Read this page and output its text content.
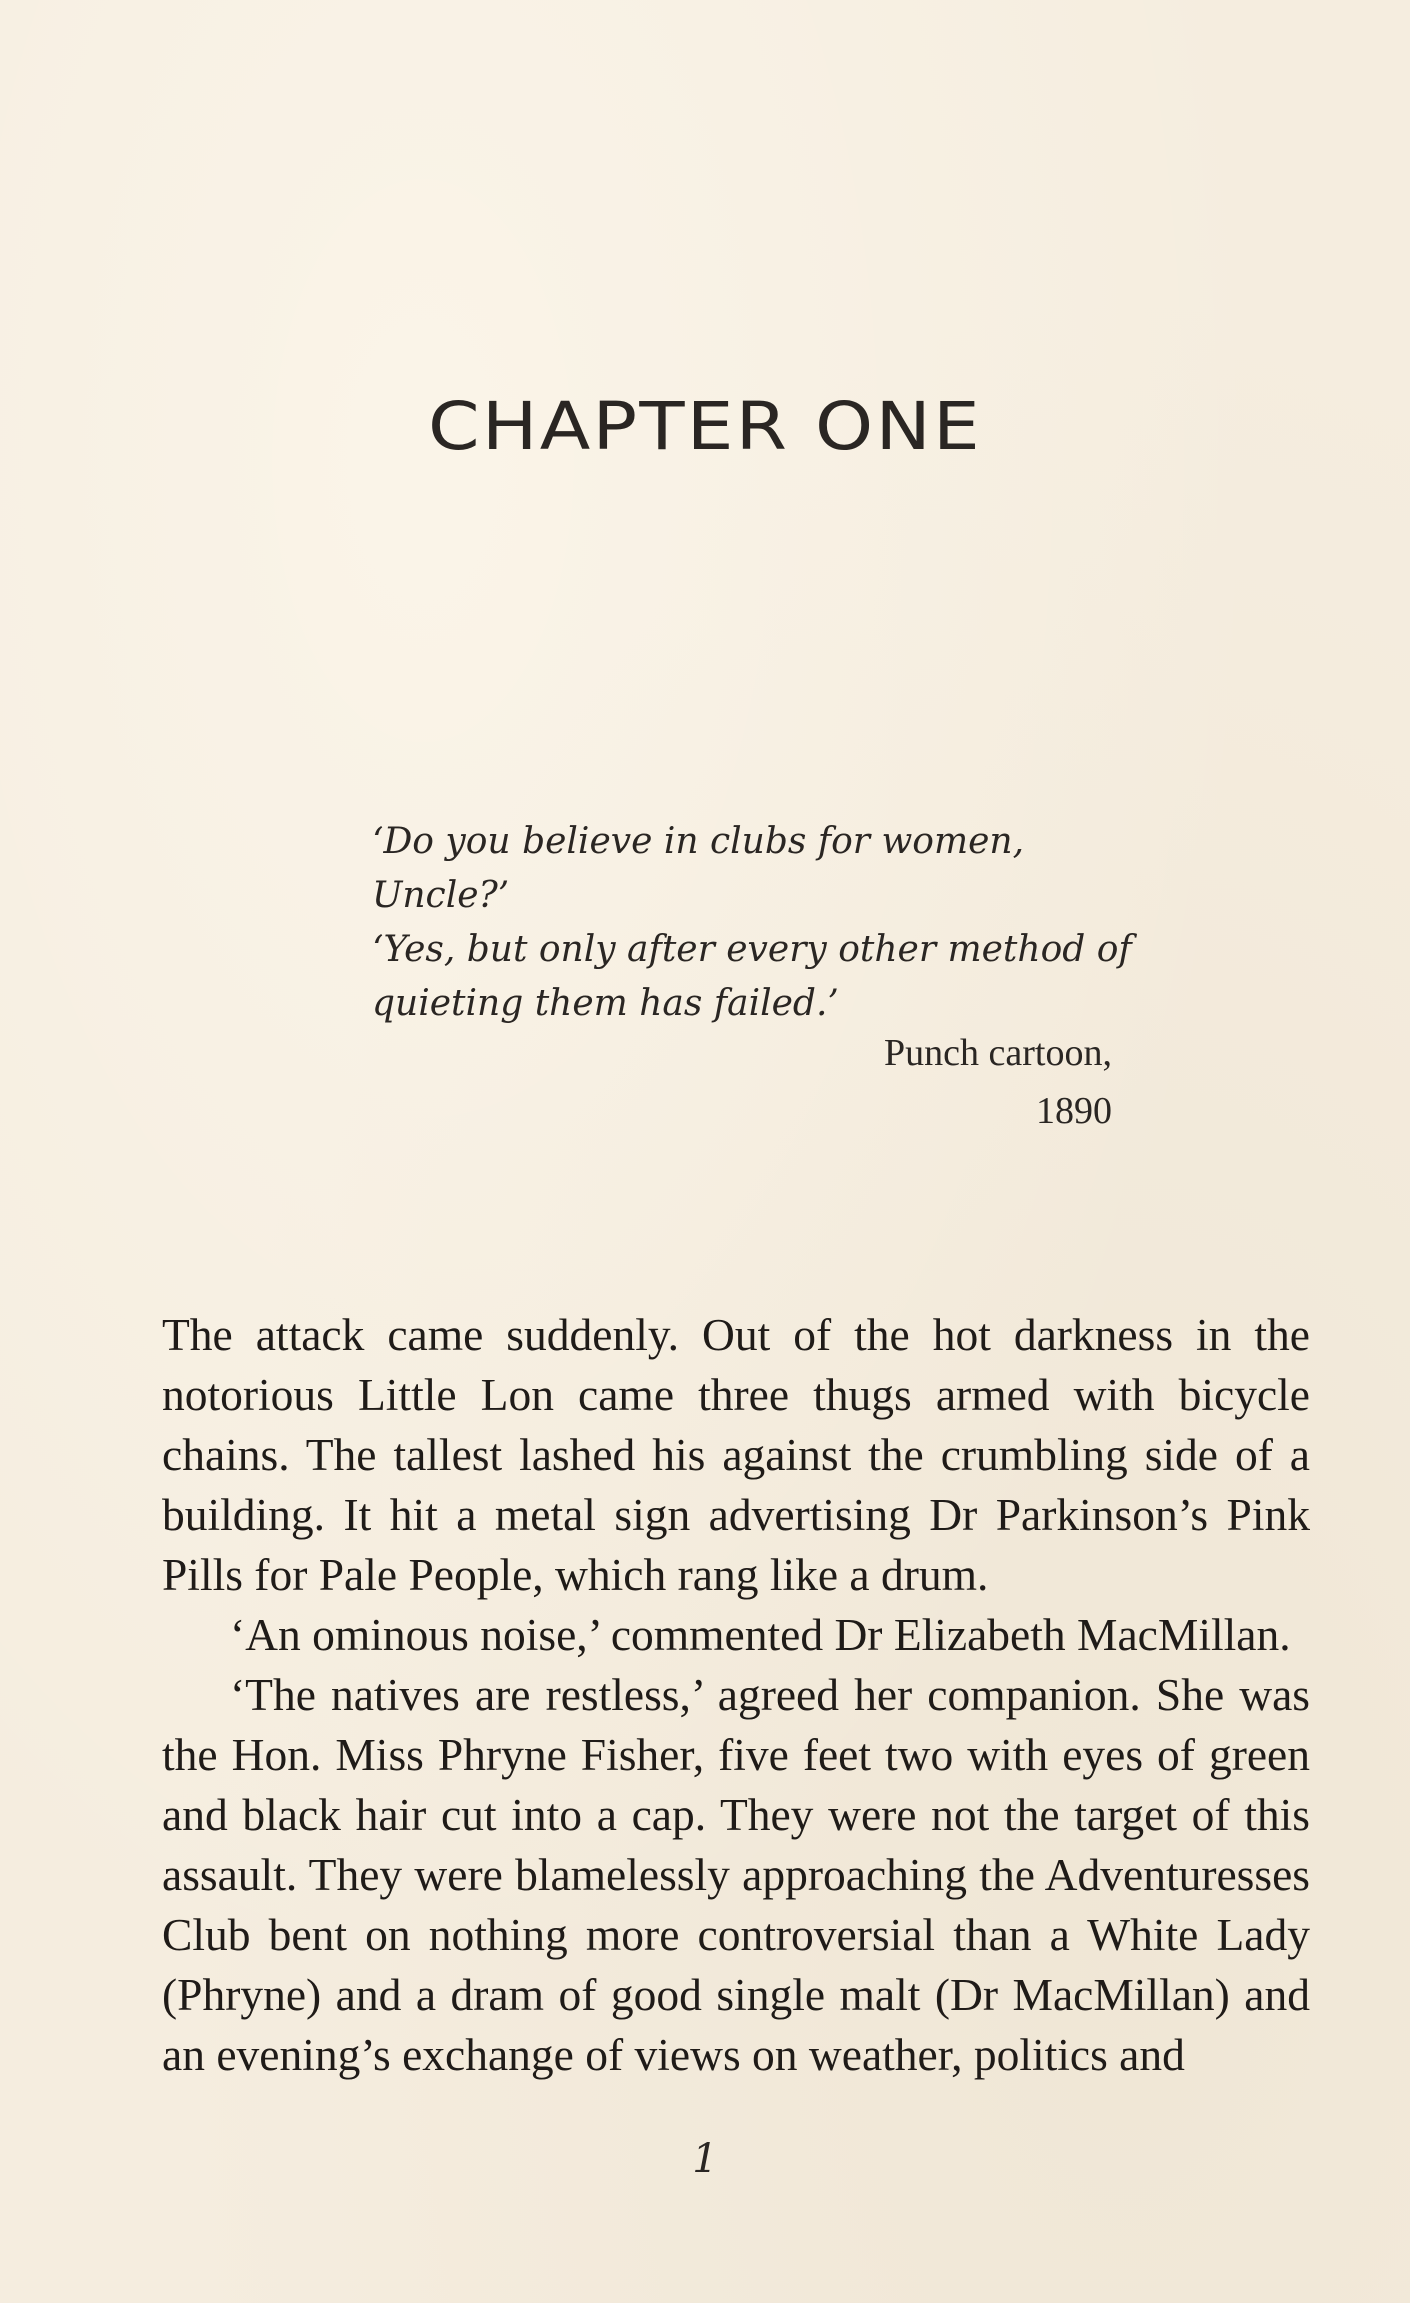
CHAPTER ONE

‘Do you believe in clubs for women, Uncle?’

‘Yes, but only after every other method of

quieting them has failed.’

Punch cartoon,
1890

The attack came suddenly. Out of the hot darkness in the notorious Little Lon came three thugs armed with bicycle chains. The tallest lashed his against the crumbling side of a building. It hit a metal sign advertising Dr Parkinson’s Pink Pills for Pale People, which rang like a drum.

‘An ominous noise,’ commented Dr Elizabeth MacMillan.

‘The natives are restless,’ agreed her companion. She was the Hon. Miss Phryne Fisher, five feet two with eyes of green and black hair cut into a cap. They were not the target of this assault. They were blamelessly approaching the Adventuresses Club bent on nothing more controversial than a White Lady (Phryne) and a dram of good single malt (Dr MacMillan) and an evening’s exchange of views on weather, politics and

1
